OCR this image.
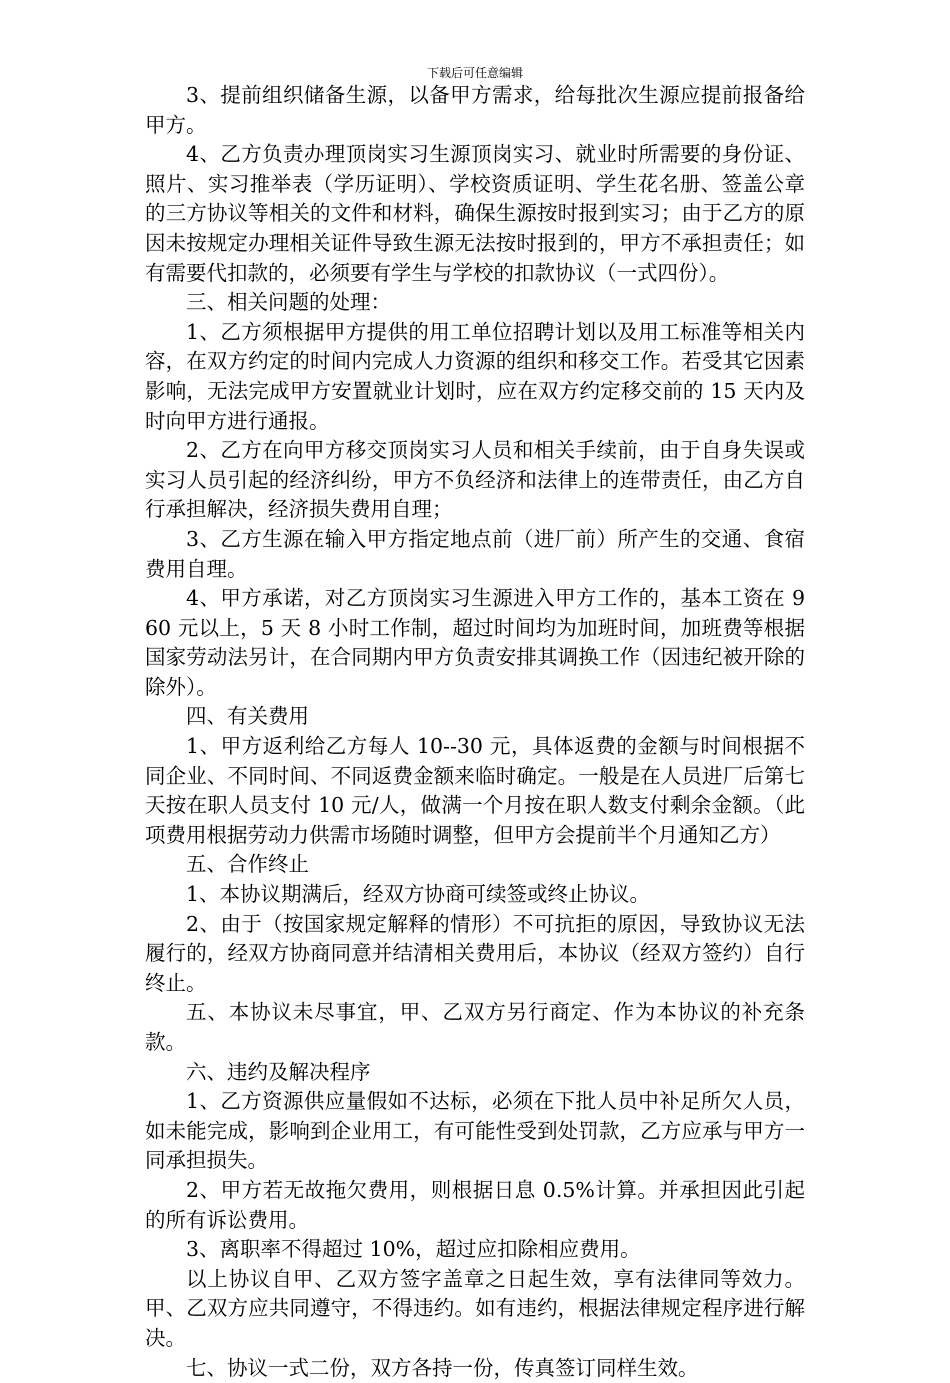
下载后可任意编辑

3、提前组织储备生源，以备甲方需求，给每批次生源应提前报备给甲方。

4、乙方负责办理顶岗实习生源顶岗实习、就业时所需要的身份证、照片、实习推举表（学历证明）、学校资质证明、学生花名册、签盖公章的三方协议等相关的文件和材料，确保生源按时报到实习；由于乙方的原因未按规定办理相关证件导致生源无法按时报到的，甲方不承担责任；如有需要代扣款的，必须要有学生与学校的扣款协议（一式四份）。

三、相关问题的处理：

1、乙方须根据甲方提供的用工单位招聘计划以及用工标准等相关内容，在双方约定的时间内完成人力资源的组织和移交工作。若受其它因素影响，无法完成甲方安置就业计划时，应在双方约定移交前的 15 天内及时向甲方进行通报。

2、乙方在向甲方移交顶岗实习人员和相关手续前，由于自身失误或实习人员引起的经济纠纷，甲方不负经济和法律上的连带责任，由乙方自行承担解决，经济损失费用自理；

3、乙方生源在输入甲方指定地点前（进厂前）所产生的交通、食宿费用自理。

4、甲方承诺，对乙方顶岗实习生源进入甲方工作的，基本工资在 960 元以上，5 天 8 小时工作制，超过时间均为加班时间，加班费等根据国家劳动法另计，在合同期内甲方负责安排其调换工作（因违纪被开除的除外）。

四、有关费用

1、甲方返利给乙方每人 10--30 元，具体返费的金额与时间根据不同企业、不同时间、不同返费金额来临时确定。一般是在人员进厂后第七天按在职人员支付 10 元/人，做满一个月按在职人数支付剩余金额。（此项费用根据劳动力供需市场随时调整，但甲方会提前半个月通知乙方）

五、合作终止

1、本协议期满后，经双方协商可续签或终止协议。

2、由于（按国家规定解释的情形）不可抗拒的原因，导致协议无法履行的，经双方协商同意并结清相关费用后，本协议（经双方签约）自行终止。

五、本协议未尽事宜，甲、乙双方另行商定、作为本协议的补充条款。

六、违约及解决程序

1、乙方资源供应量假如不达标，必须在下批人员中补足所欠人员，如未能完成，影响到企业用工，有可能性受到处罚款，乙方应承与甲方一同承担损失。

2、甲方若无故拖欠费用，则根据日息 0.5%计算。并承担因此引起的所有诉讼费用。

3、离职率不得超过 10%，超过应扣除相应费用。

以上协议自甲、乙双方签字盖章之日起生效，享有法律同等效力。甲、乙双方应共同遵守，不得违约。如有违约，根据法律规定程序进行解决。

七、协议一式二份，双方各持一份，传真签订同样生效。
